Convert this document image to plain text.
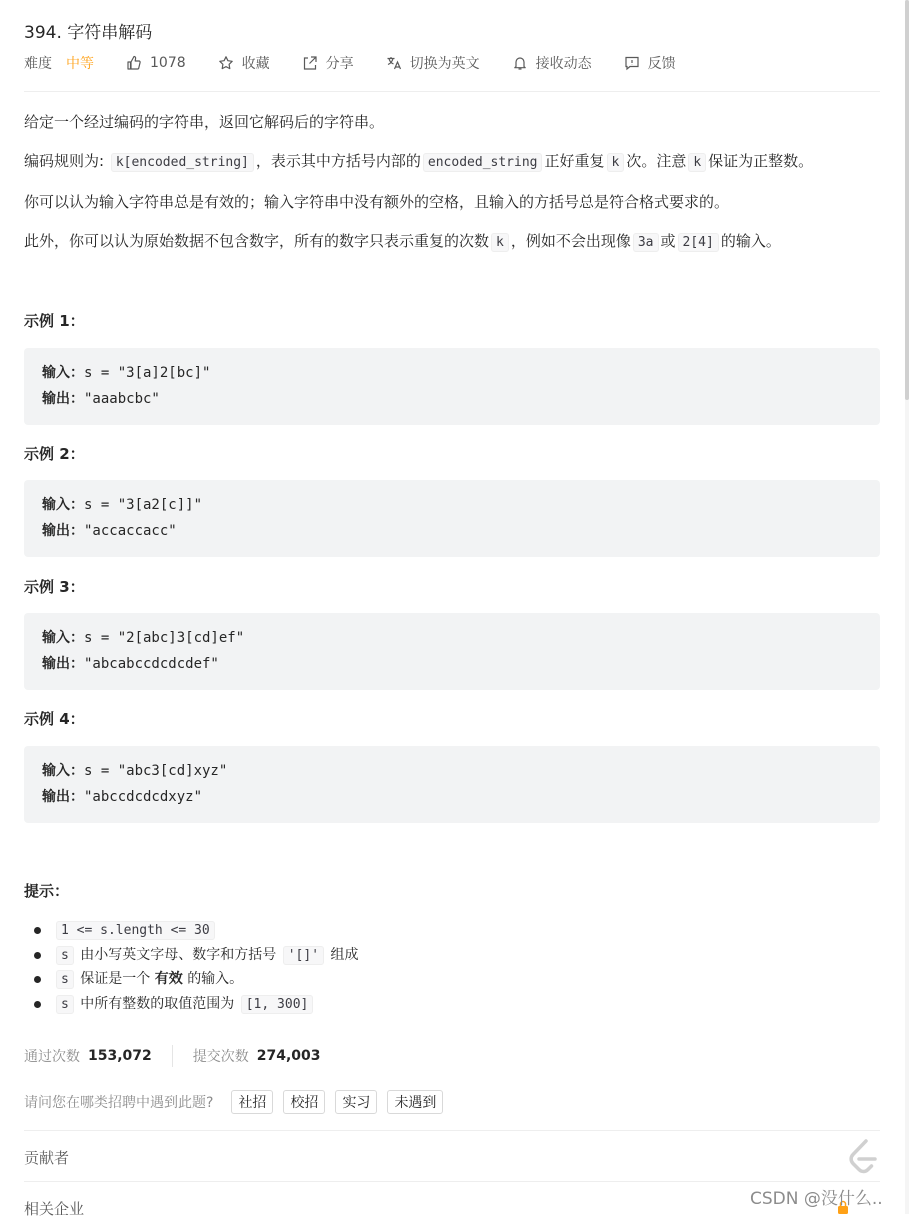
394. 字符串解码
难度 中等	1078	收藏	分享	切换为英文	接收动态	反馈
给定一个经过编码的字符串，返回它解码后的字符串。
编码规则为: k[encoded_string] ，表示其中方括号内部的 encoded_string 正好重复 k 次。注意 k 保证为正整数。
你可以认为输入字符串总是有效的；输入字符串中没有额外的空格，且输入的方括号总是符合格式要求的。
此外，你可以认为原始数据不包含数字，所有的数字只表示重复的次数 k ，例如不会出现像 3a 或 2[4] 的输入。
示例 1：
输入：s = "3[a]2[bc]"
输出："aaabcbc"
示例 2：
输入：s = "3[a2[c]]"
输出："accaccacc"
示例 3：
输入：s = "2[abc]3[cd]ef"
输出："abcabccdcdcdef"
示例 4：
输入：s = "abc3[cd]xyz"
输出："abccdcdcdxyz"
提示：
1 <= s.length <= 30
s 由小写英文字母、数字和方括号 '[]' 组成
s 保证是一个 有效 的输入。
s 中所有整数的取值范围为 [1, 300]
通过次数 153,072	提交次数 274,003
请问您在哪类招聘中遇到此题?	社招	校招	实习	未遇到
贡献者
相关企业	CSDN @没什么..
